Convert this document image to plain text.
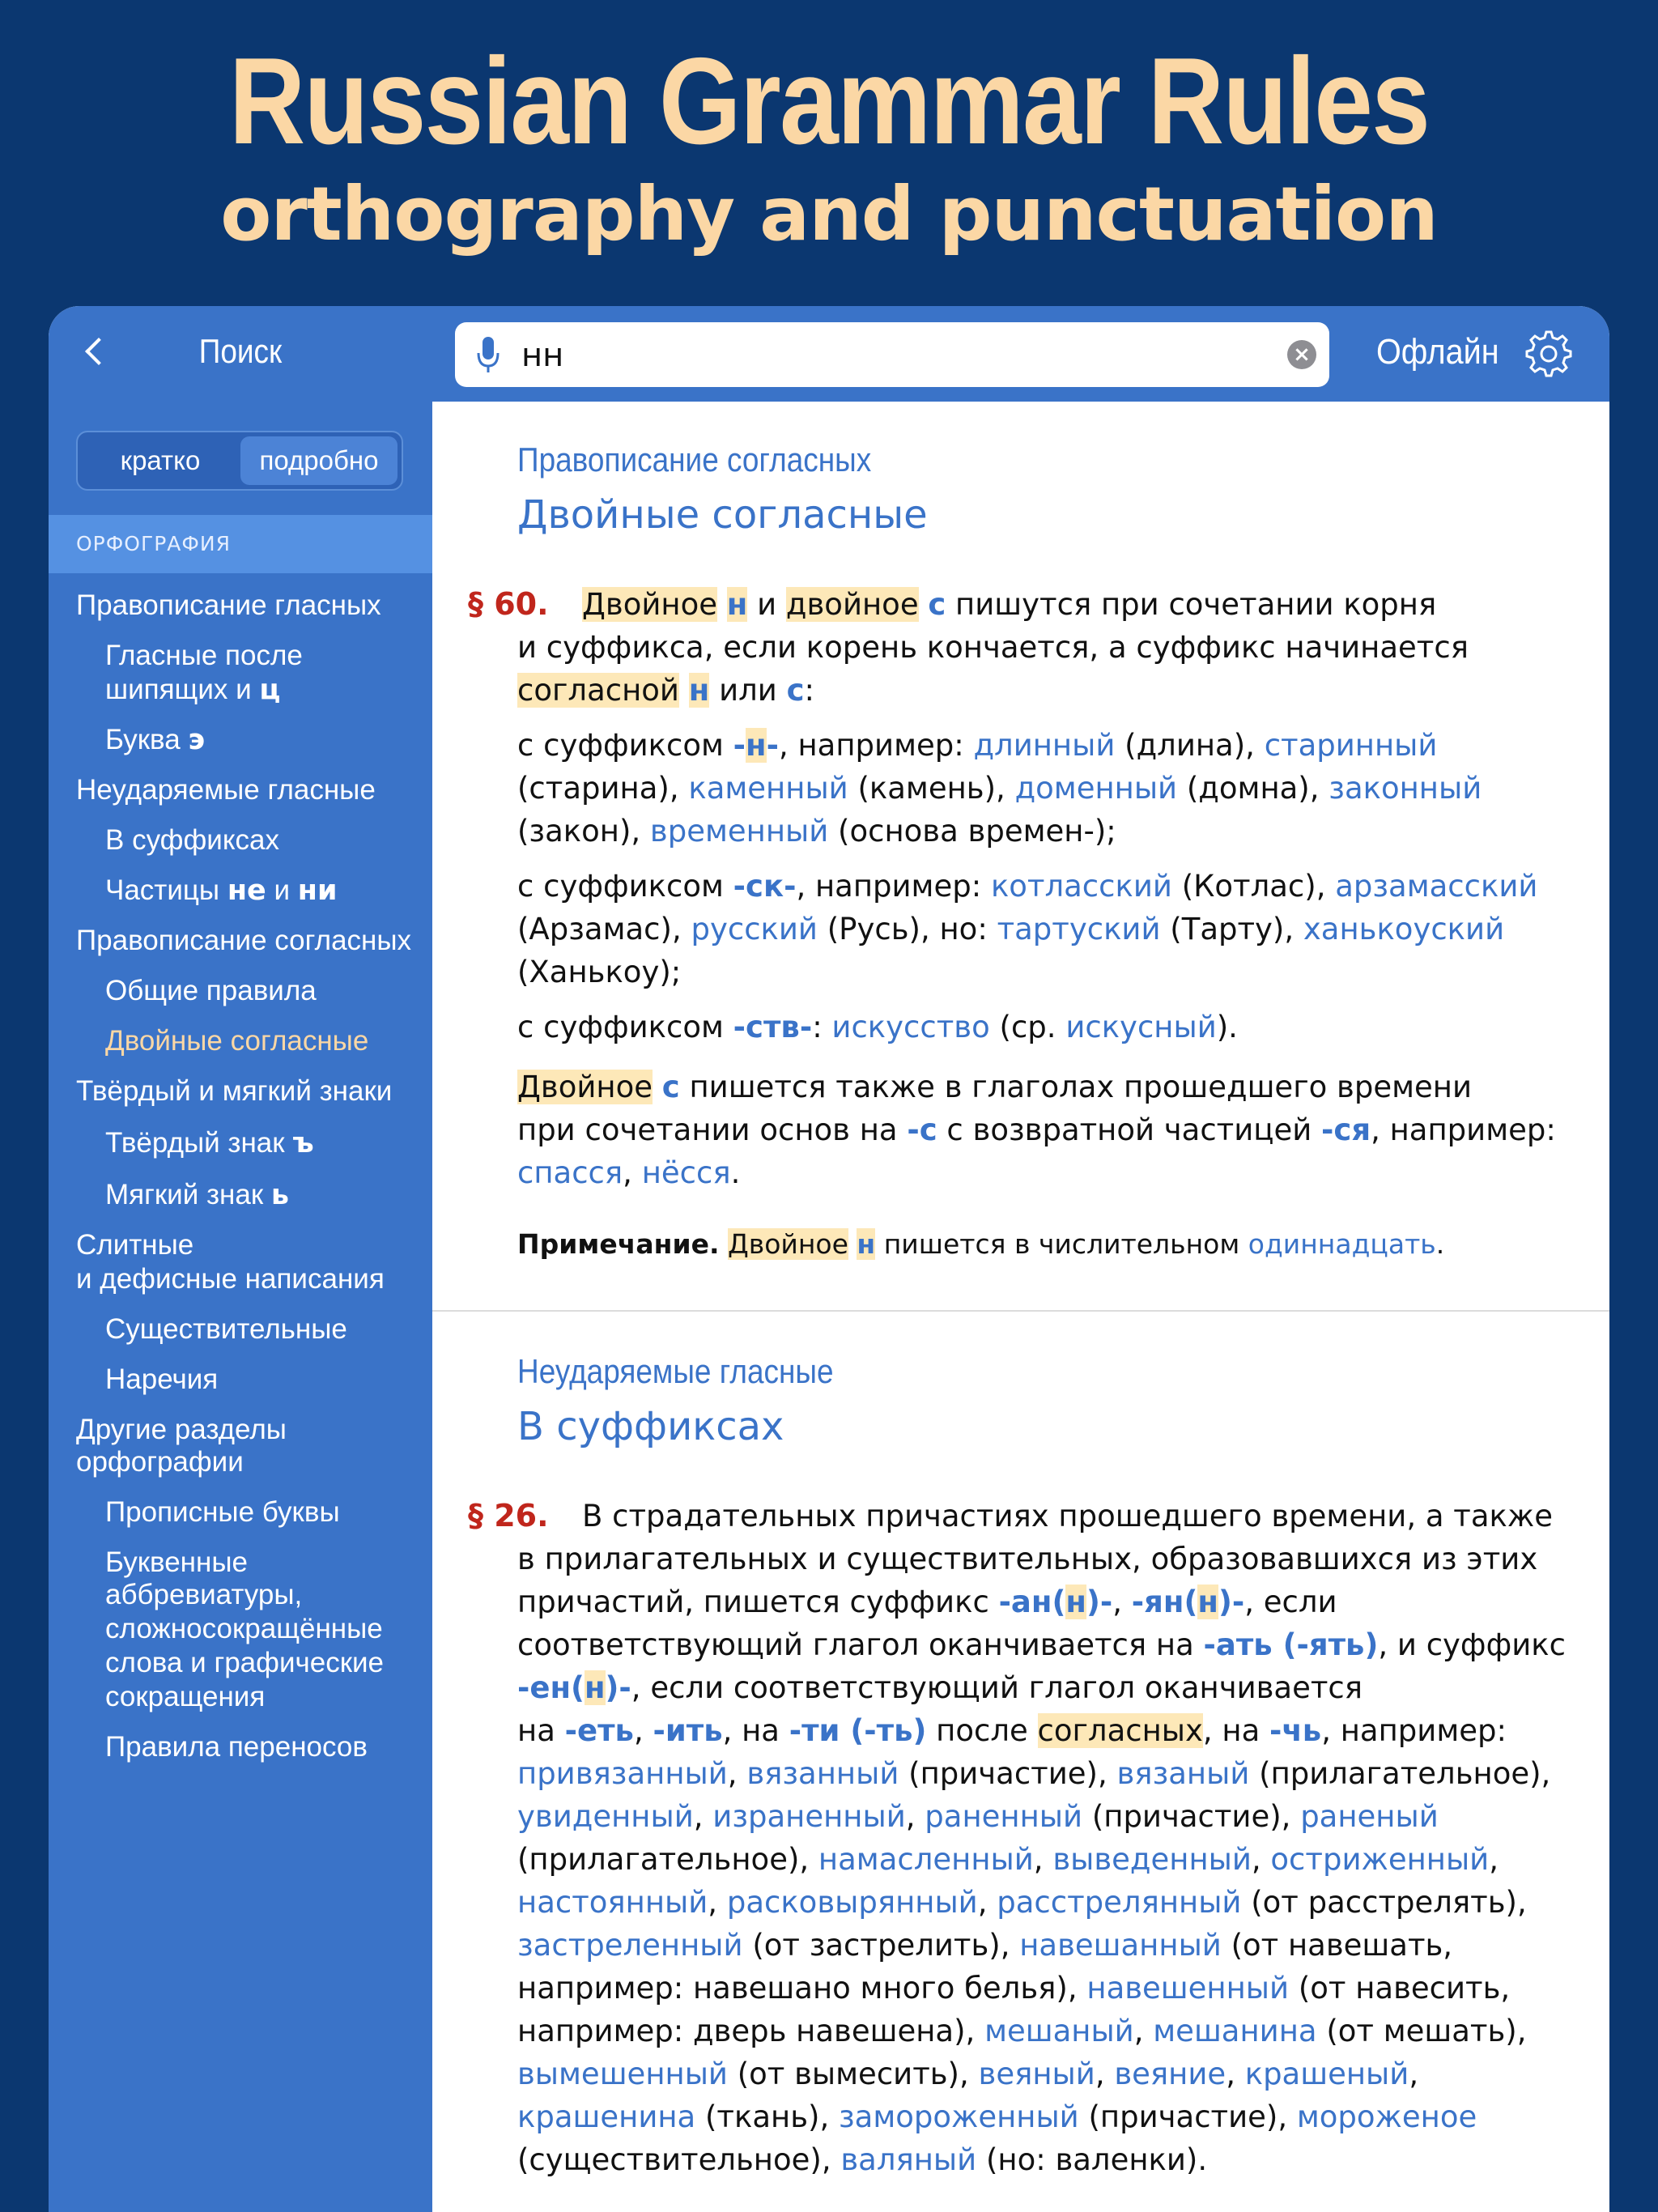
Russian Grammar Rules
orthography and punctuation
Поиск
кратко	подробно
ОРФОГРАФИЯ
Правописание гласных
Гласные после
шипящих и ц
Буква э
Неударяемые гласные
В суффиксах
Частицы не и ни
Правописание согласных
Общие правила
Двойные согласные
Твёрдый и мягкий знаки
Твёрдый знак ъ
Мягкий знак ь
Слитные
и дефисные написания
Существительные
Наречия
Другие разделы орфографии
Прописные буквы
Буквенные аббревиатуры,
сложносокращённые
слова и графические
сокращения
Правила переносов
нн	× Офлайн
Правописание согласных
Двойные согласные
§ 60.	Двойное н и двойное с пишутся при сочетании корня
и суффикса, если корень кончается, а суффикс начинается
согласной н или с:
с суффиксом -н-, например: длинный (длина), старинный
(старина), каменный (камень), доменный (домна), законный
(закон), временный (основа времен-);
с суффиксом -ск-, например: котласский (Котлас), арзамасский
(Арзамас), русский (Русь), но: тартуский (Тарту), ханькоуский
(Ханькоу);
с суффиксом -ств-: искусство (ср. искусный).
Двойное с пишется также в глаголах прошедшего времени
при сочетании основ на -с с возвратной частицей -ся, например:
спасся, нёсся.
Примечание. Двойное н пишется в числительном одиннадцать.
Неударяемые гласные
В суффиксах
§ 26.	В страдательных причастиях прошедшего времени, а также
в прилагательных и существительных, образовавшихся из этих
причастий, пишется суффикс -ан(н)-, -ян(н)-, если
соответствующий глагол оканчивается на -ать (-ять), и суффикс
-ен(н)-, если соответствующий глагол оканчивается
на -еть, -ить, на -ти (-ть) после согласных, на -чь, например:
привязанный, вязанный (причастие), вязаный (прилагательное),
увиденный, израненный, раненный (причастие), раненый
(прилагательное), намасленный, выведенный, остриженный,
настоянный, расковырянный, расстрелянный (от расстрелять),
застреленный (от застрелить), навешанный (от навешать,
например: навешано много белья), навешенный (от навесить,
например: дверь навешена), мешаный, мешанина (от мешать),
вымешенный (от вымесить), веяный, веяние, крашеный,
крашенина (ткань), замороженный (причастие), мороженое
(существительное), валяный (но: валенки).
